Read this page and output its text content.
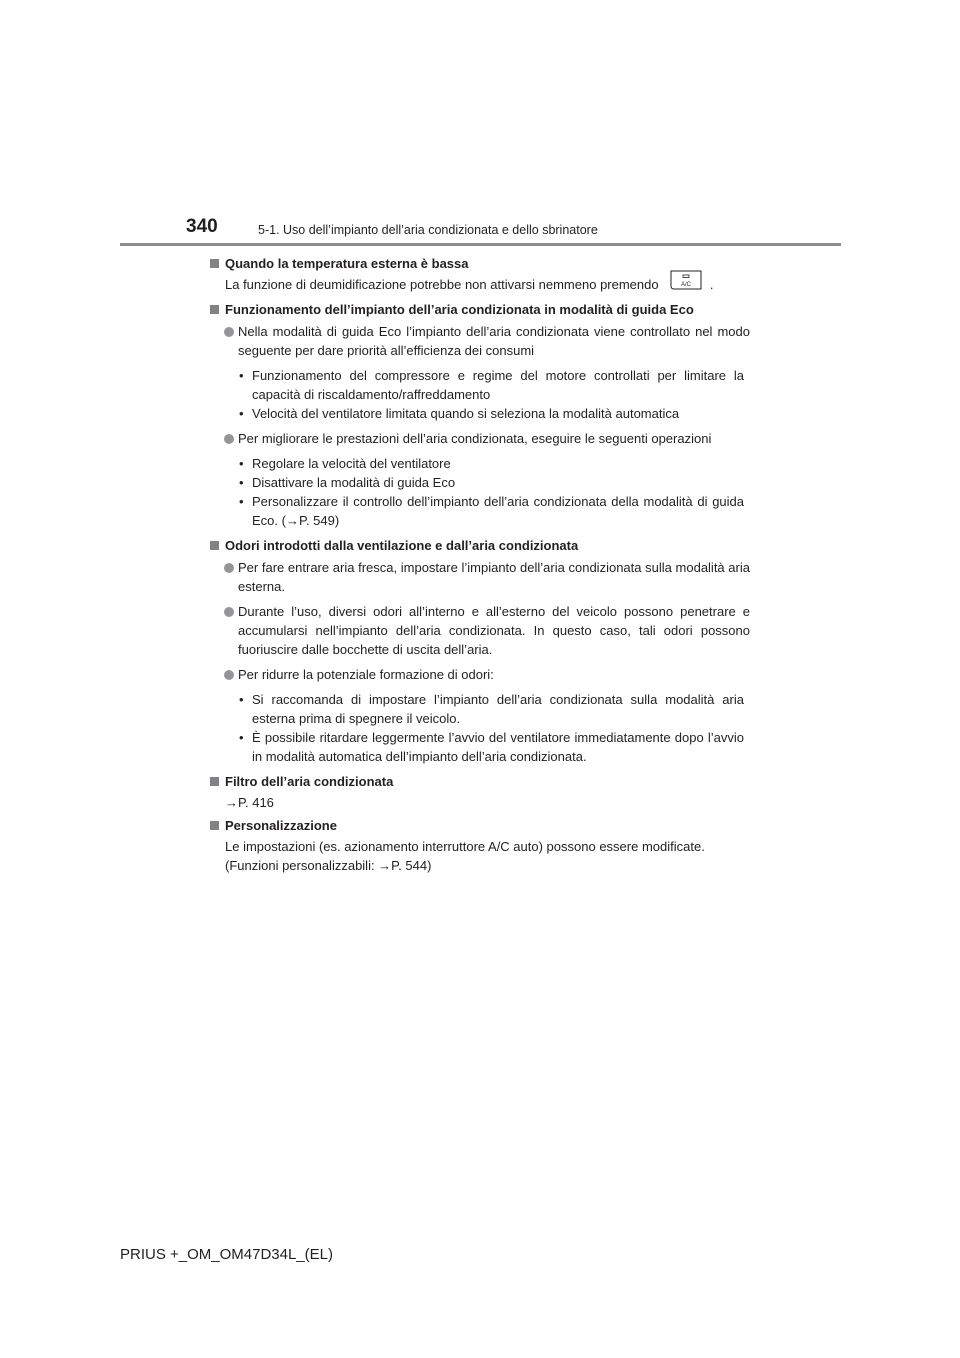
340	5-1. Uso dell’impianto dell’aria condizionata e dello sbrinatore
Quando la temperatura esterna è bassa

La funzione di deumidificazione potrebbe non attivarsi nemmeno premendo	A/C .

Funzionamento dell’impianto dell’aria condizionata in modalità di guida Eco
Nella modalità di guida Eco l’impianto dell’aria condizionata viene controllato nel modo seguente per dare priorità all’efficienza dei consumi
• Funzionamento del compressore e regime del motore controllati per limitare la capacità di riscaldamento/raffreddamento
• Velocità del ventilatore limitata quando si seleziona la modalità automatica
Per migliorare le prestazioni dell’aria condizionata, eseguire le seguenti operazioni
• Regolare la velocità del ventilatore
• Disattivare la modalità di guida Eco
• Personalizzare il controllo dell’impianto dell’aria condizionata della modalità di guida Eco. (→P. 549)
Odori introdotti dalla ventilazione e dall’aria condizionata
Per fare entrare aria fresca, impostare l’impianto dell’aria condizionata sulla modalità aria esterna.
Durante l’uso, diversi odori all’interno e all’esterno del veicolo possono penetrare e accumularsi nell’impianto dell’aria condizionata. In questo caso, tali odori possono fuoriuscire dalle bocchette di uscita dell’aria.
Per ridurre la potenziale formazione di odori:
• Si raccomanda di impostare l’impianto dell’aria condizionata sulla modalità aria esterna prima di spegnere il veicolo.
• È possibile ritardare leggermente l’avvio del ventilatore immediatamente dopo l’avvio in modalità automatica dell’impianto dell’aria condizionata.
Filtro dell’aria condizionata

→P. 416

Personalizzazione

Le impostazioni (es. azionamento interruttore A/C auto) possono essere modificate.

(Funzioni personalizzabili: →P. 544)

PRIUS +_OM_OM47D34L_(EL)
